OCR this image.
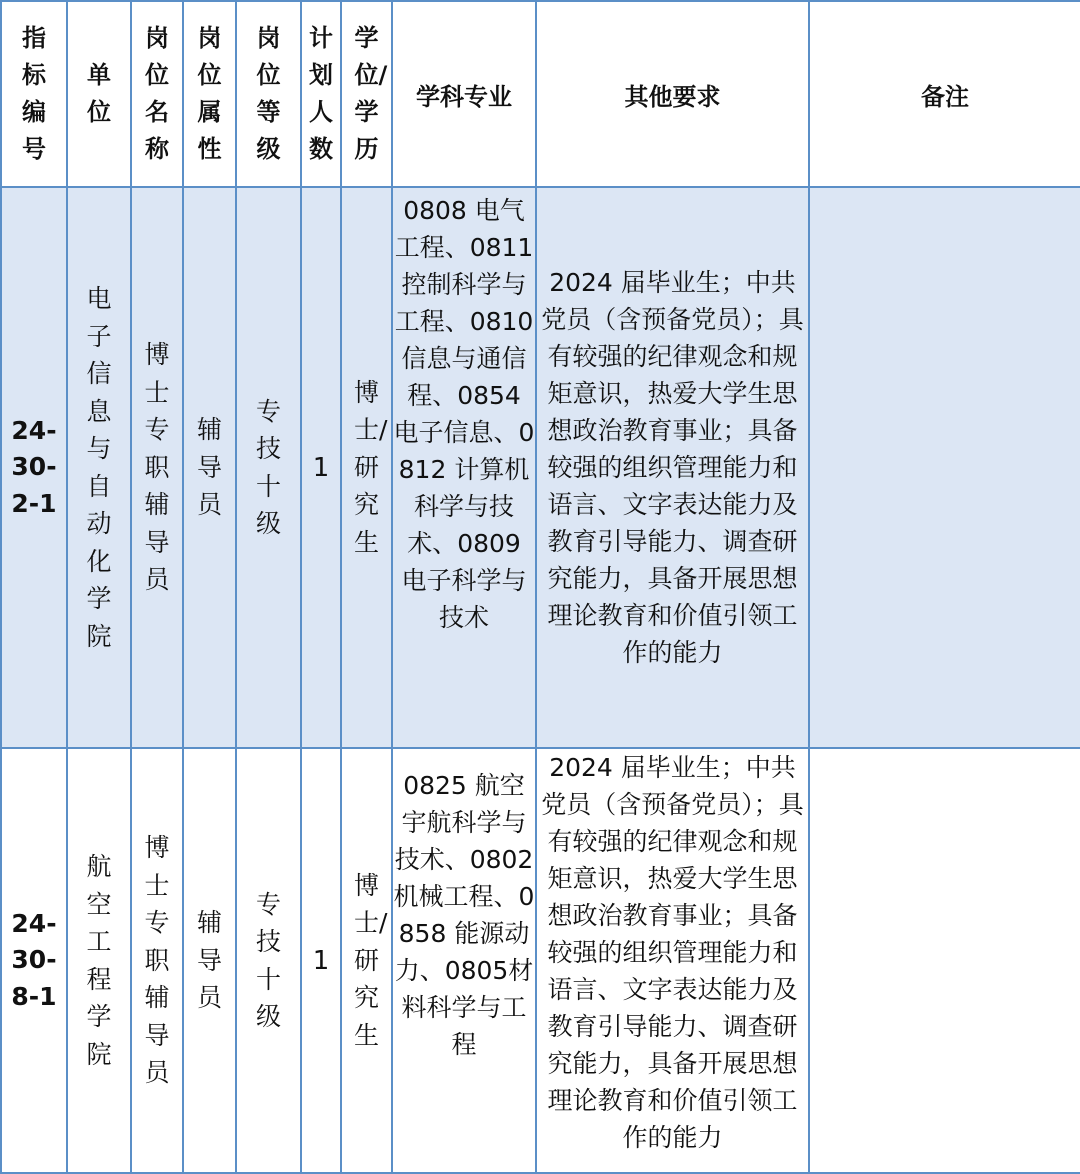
指标编号	单位	岗位名称	岗位属性	岗位等级	计划人数	学位/学历	学科专业	其他要求	备注
24-30-2-1	电子信息与自动化学院	博士专职辅导员	辅导员	专技十级	1	博士/研究生	0808 电气工程、0811 控制科学与工程、0810 信息与通信程、0854 电子信息、0812 计算机科学与技术、0809 电子科学与技术	2024 届毕业生；中共党员（含预备党员）；具有较强的纪律观念和规矩意识，热爱大学生思想政治教育事业；具备较强的组织管理能力和语言、文字表达能力及教育引导能力、调查研究能力，具备开展思想理论教育和价值引领工作的能力	
24-30-8-1	航空工程学院	博士专职辅导员	辅导员	专技十级	1	博士/研究生	0825 航空宇航科学与技术、0802 机械工程、0858 能源动力、0805材料科学与工程	2024 届毕业生；中共党员（含预备党员）；具有较强的纪律观念和规矩意识，热爱大学生思想政治教育事业；具备较强的组织管理能力和语言、文字表达能力及教育引导能力、调查研究能力，具备开展思想理论教育和价值引领工作的能力	
